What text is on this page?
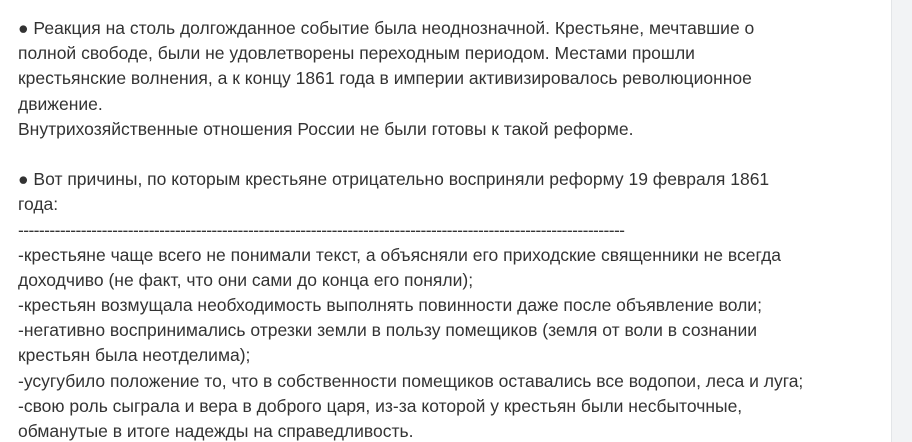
● Реакция на столь долгожданное событие была неоднозначной. Крестьяне, мечтавшие о
полной свободе, были не удовлетворены переходным периодом. Местами прошли
крестьянские волнения, а к концу 1861 года в империи активизировалось революционное
движение.
Внутрихозяйственные отношения России не были готовы к такой реформе.
● Вот причины, по которым крестьяне отрицательно восприняли реформу 19 февраля 1861
года:
--------------------------------------------------------------------------------------------------------------------
-крестьяне чаще всего не понимали текст, а объясняли его приходские священники не всегда
доходчиво (не факт, что они сами до конца его поняли);
-крестьян возмущала необходимость выполнять повинности даже после объявление воли;
-негативно воспринимались отрезки земли в пользу помещиков (земля от воли в сознании
крестьян была неотделима);
-усугубило положение то, что в собственности помещиков оставались все водопои, леса и луга;
-свою роль сыграла и вера в доброго царя, из-за которой у крестьян были несбыточные,
обманутые в итоге надежды на справедливость.
